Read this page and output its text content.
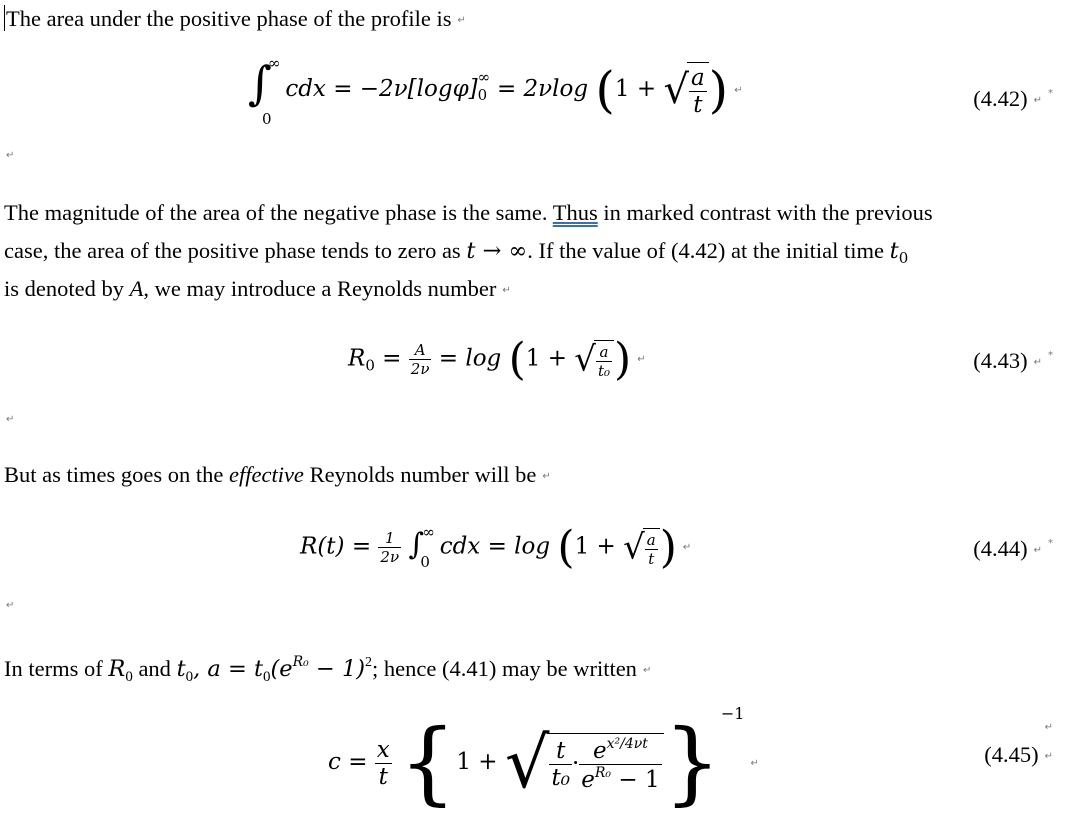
The area under the positive phase of the profile is ↵
∫
∞
0
cdx = −2ν[logφ] ∞
0 = 2νlog (1 + √ $\frac{a}{t}$ ) ↵	(4.42) ↵*
↵
The magnitude of the area of the negative phase is the same. Thus in marked contrast with the previous
case, the area of the positive phase tends to zero as t → ∞. If the value of (4.42) at the initial time $t_0$
is denoted by A, we may introduce a Reynolds number ↵
$R_0 = \frac{A}{2\nu} = \log (1$ + √ $\frac{a}{\text{t₀}}$ ) ↵	(4.43) ↵*
↵
But as times goes on the effective Reynolds number will be ↵
$R(t) = \frac{1}{2\nu}$
∫
∞
0
cdx = log (1 + √ $\frac{a}{t}$ ) ↵	(4.44) ↵*
↵
In terms of $R_0$ and $t_0$, $a = t_0(e^{R_0} - 1)^2$; hence (4.41) may be written ↵
$c = \frac{x}{t} \{1$ + √ $\frac{t}{\text{t₀}} \cdot \frac{e^{x^2/4\nu t}}{e^{R_0} - 1}$ }$^{-1}$↵	(4.45) ↵
↵
